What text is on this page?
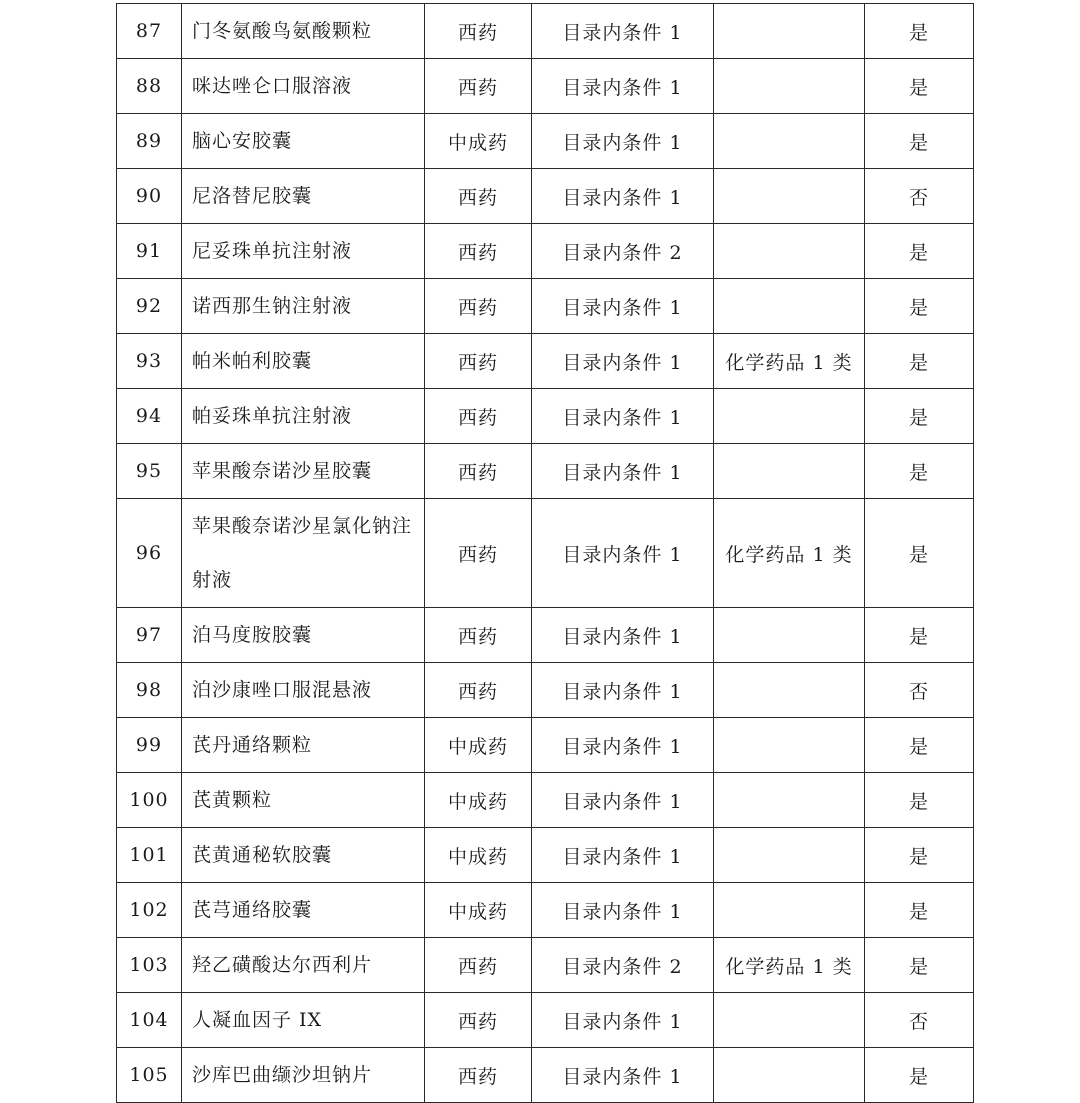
87	门冬氨酸鸟氨酸颗粒	西药	目录内条件 1		是
88	咪达唑仑口服溶液	西药	目录内条件 1		是
89	脑心安胶囊	中成药	目录内条件 1		是
90	尼洛替尼胶囊	西药	目录内条件 1		否
91	尼妥珠单抗注射液	西药	目录内条件 2		是
92	诺西那生钠注射液	西药	目录内条件 1		是
93	帕米帕利胶囊	西药	目录内条件 1	化学药品 1 类	是
94	帕妥珠单抗注射液	西药	目录内条件 1		是
95	苹果酸奈诺沙星胶囊	西药	目录内条件 1		是
96	苹果酸奈诺沙星氯化钠注射液	西药	目录内条件 1	化学药品 1 类	是
97	泊马度胺胶囊	西药	目录内条件 1		是
98	泊沙康唑口服混悬液	西药	目录内条件 1		否
99	芪丹通络颗粒	中成药	目录内条件 1		是
100	芪黄颗粒	中成药	目录内条件 1		是
101	芪黄通秘软胶囊	中成药	目录内条件 1		是
102	芪芎通络胶囊	中成药	目录内条件 1		是
103	羟乙磺酸达尔西利片	西药	目录内条件 2	化学药品 1 类	是
104	人凝血因子 IX	西药	目录内条件 1		否
105	沙库巴曲缬沙坦钠片	西药	目录内条件 1		是
